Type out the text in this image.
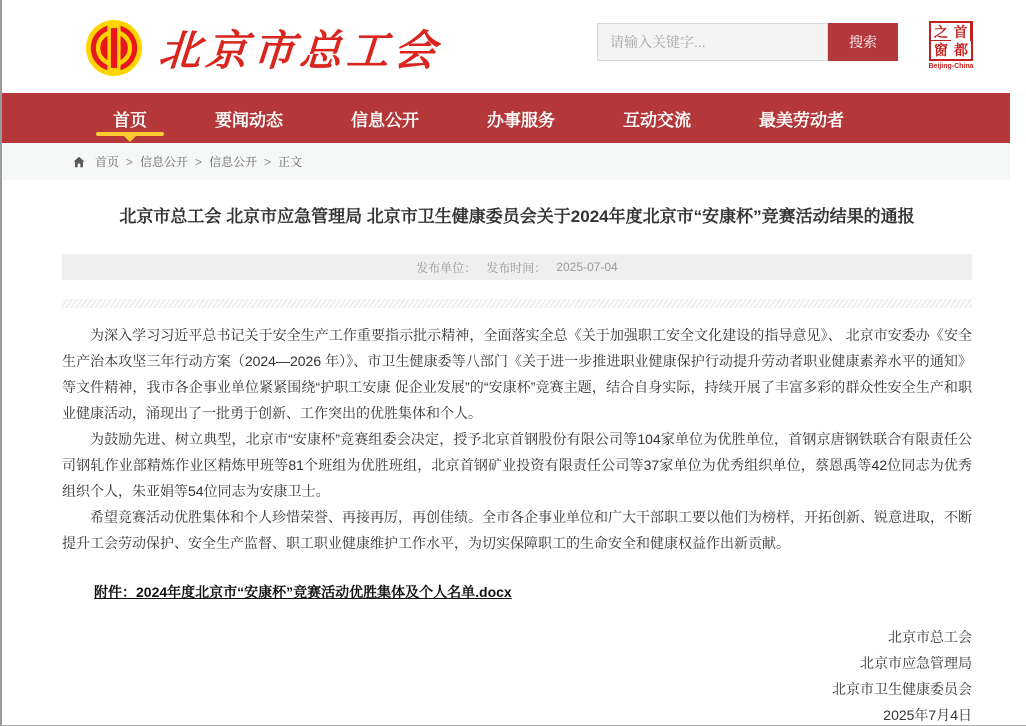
北京市总工会
请输入关键字...	搜索
之 首
窗 都
Beijing-China
首页	要闻动态	信息公开	办事服务	互动交流	最美劳动者
首页 > 信息公开 > 信息公开 > 正文
北京市总工会 北京市应急管理局 北京市卫生健康委员会关于2024年度北京市“安康杯”竞赛活动结果的通报
发布单位： 发布时间： 2025-07-04

为深入学习习近平总书记关于安全生产工作重要指示批示精神，全面落实全总《关于加强职工安全文化建设的指导意见》、 北京市安委办《安全生产治本攻坚三年行动方案（2024—2026 年）》、市卫生健康委等八部门《关于进一步推进职业健康保护行动提升劳动者职业健康素养水平的通知》等文件精神，我市各企事业单位紧紧围绕“护职工安康 促企业发展”的“安康杯”竞赛主题，结合自身实际，持续开展了丰富多彩的群众性安全生产和职业健康活动，涌现出了一批勇于创新、工作突出的优胜集体和个人。

为鼓励先进、树立典型，北京市“安康杯”竞赛组委会决定，授予北京首钢股份有限公司等104家单位为优胜单位，首钢京唐钢铁联合有限责任公司钢轧作业部精炼作业区精炼甲班等81个班组为优胜班组，北京首钢矿业投资有限责任公司等37家单位为优秀组织单位，蔡恩禹等42位同志为优秀组织个人，朱亚娟等54位同志为安康卫士。

希望竞赛活动优胜集体和个人珍惜荣誉、再接再厉，再创佳绩。全市各企事业单位和广大干部职工要以他们为榜样，开拓创新、锐意进取，不断提升工会劳动保护、安全生产监督、职工职业健康维护工作水平，为切实保障职工的生命安全和健康权益作出新贡献。

附件：2024年度北京市“安康杯”竞赛活动优胜集体及个人名单.docx
北京市总工会
北京市应急管理局
北京市卫生健康委员会
2025年7月4日
